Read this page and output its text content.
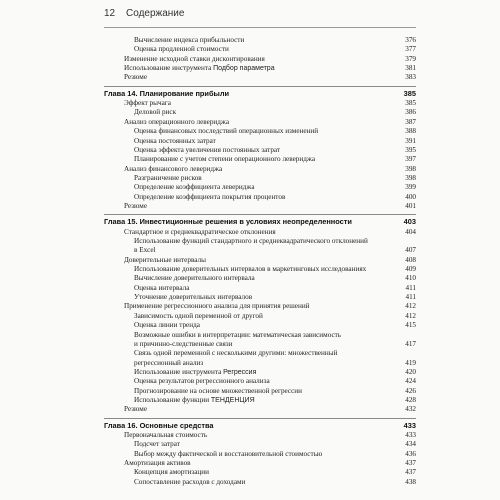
12 Содержание
Вычисление индекса прибыльности	376
Оценка продленной стоимости	377
Изменение исходной ставки дисконтирования	379
Использование инструмента Подбор параметра	381
Резюме	383
Глава 14. Планирование прибыли	385
Эффект рычага	385
Деловой риск	386
Анализ операционного левериджа	387
Оценка финансовых последствий операционных изменений	388
Оценка постоянных затрат	391
Оценка эффекта увеличения постоянных затрат	395
Планирование с учетом степени операционного левериджа	397
Анализ финансового левериджа	398
Разграничение рисков	398
Определение коэффициента левериджа	399
Определение коэффициента покрытия процентов	400
Резюме	401
Глава 15. Инвестиционные решения в условиях неопределенности	403
Стандартное и среднеквадратическое отклонения	404
Использование функций стандартного и среднеквадратического отклонений
в Excel	407
Доверительные интервалы	408
Использование доверительных интервалов в маркетинговых исследованиях	409
Вычисление доверительного интервала	410
Оценка интервала	411
Уточнение доверительных интервалов	411
Применение регрессионного анализа для принятия решений	412
Зависимость одной переменной от другой	412
Оценка линии тренда	415
Возможные ошибки в интерпретации: математическая зависимость
и причинно-следственные связи	417
Связь одной переменной с несколькими другими: множественный
регрессионный анализ	419
Использование инструмента Регрессия	420
Оценка результатов регрессионного анализа	424
Прогнозирование на основе множественной регрессии	426
Использование функции ТЕНДЕНЦИЯ	428
Резюме	432
Глава 16. Основные средства	433
Первоначальная стоимость	433
Подсчет затрат	434
Выбор между фактической и восстановительной стоимостью	436
Амортизация активов	437
Концепция амортизации	437
Сопоставление расходов с доходами	438
